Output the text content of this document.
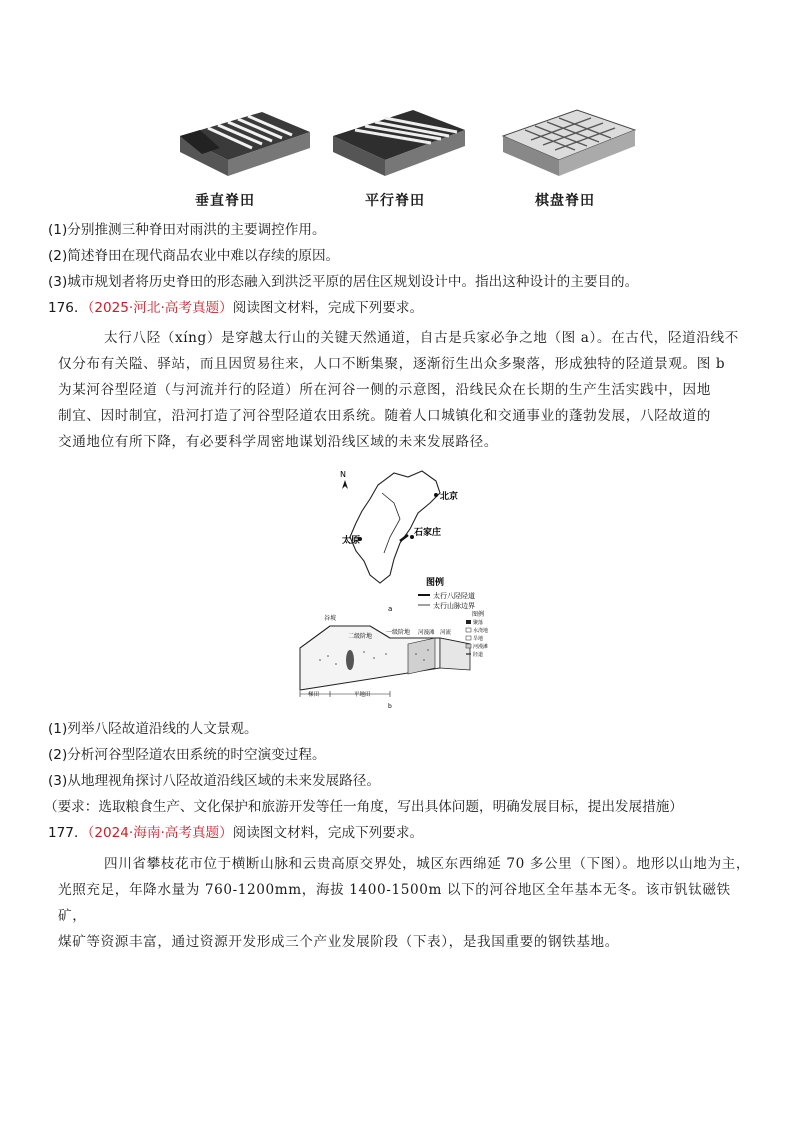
垂直脊田	平行脊田	棋盘脊田
(1)分别推测三种脊田对雨洪的主要调控作用。
(2)简述脊田在现代商品农业中难以存续的原因。
(3)城市规划者将历史脊田的形态融入到洪泛平原的居住区规划设计中。指出这种设计的主要目的。
176．（2025·河北·高考真题）阅读图文材料，完成下列要求。
太行八陉（xíng）是穿越太行山的关键天然通道，自古是兵家必争之地（图 a）。在古代，陉道沿线不
仅分布有关隘、驿站，而且因贸易往来，人口不断集聚，逐渐衍生出众多聚落，形成独特的陉道景观。图 b
为某河谷型陉道（与河流并行的陉道）所在河谷一侧的示意图，沿线民众在长期的生产生活实践中，因地
制宜、因时制宜，沿河打造了河谷型陉道农田系统。随着人口城镇化和交通事业的蓬勃发展，八陉故道的
交通地位有所下降，有必要科学周密地谋划沿线区域的未来发展路径。
N
北京
石家庄
太原
图例
太行八陉陉道
太行山脉边界
a
谷坡
二级阶地
一级阶地 河漫滩 河流
梯田	平地田
b
图例
聚落
水浇地
旱地
河漫滩
陉道
(1)列举八陉故道沿线的人文景观。
(2)分析河谷型陉道农田系统的时空演变过程。
(3)从地理视角探讨八陉故道沿线区域的未来发展路径。
（要求：选取粮食生产、文化保护和旅游开发等任一角度，写出具体问题，明确发展目标，提出发展措施）
177．（2024·海南·高考真题）阅读图文材料，完成下列要求。
四川省攀枝花市位于横断山脉和云贵高原交界处，城区东西绵延 70 多公里（下图）。地形以山地为主，
光照充足，年降水量为 760-1200mm，海拔 1400-1500m 以下的河谷地区全年基本无冬。该市钒钛磁铁矿，
煤矿等资源丰富，通过资源开发形成三个产业发展阶段（下表），是我国重要的钢铁基地。
